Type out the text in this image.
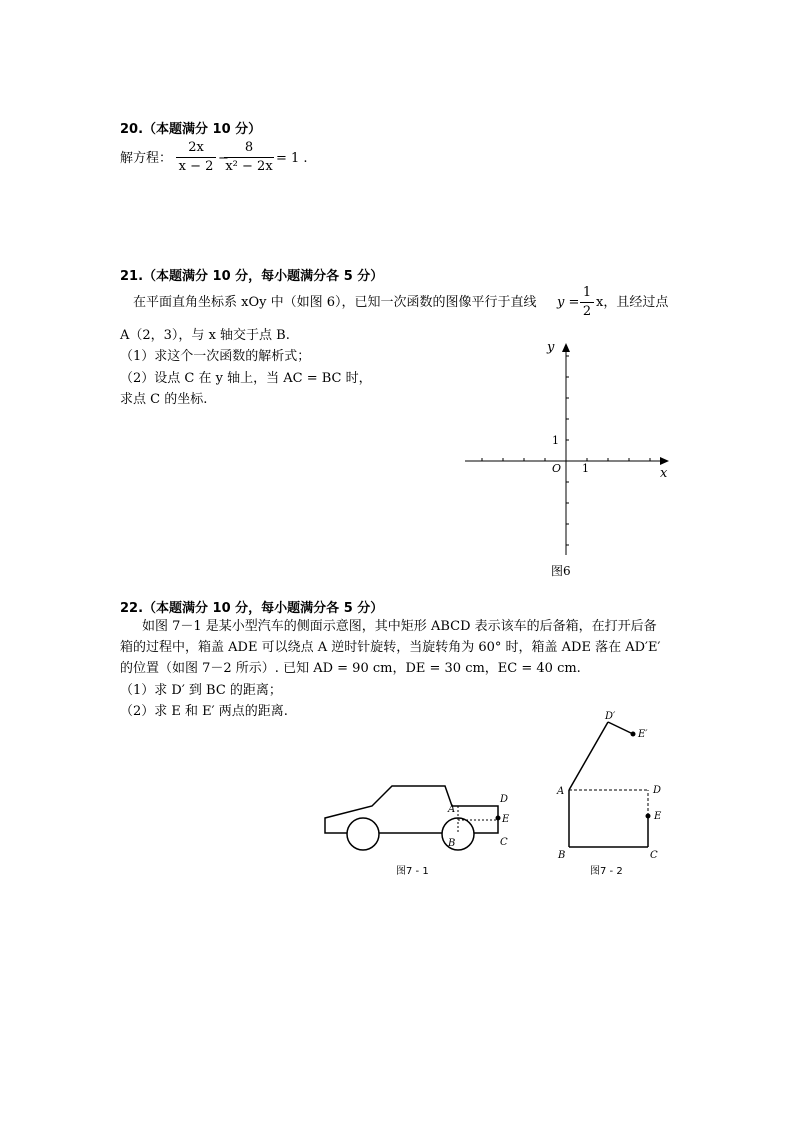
20.（本题满分 10 分）
解方程： $\frac{2x}{x - 2}$ −
$\frac{8}{\text{x² − 2x}} = 1$ .
21.（本题满分 10 分，每小题满分各 5 分）
在平面直角坐标系 xOy 中（如图 6），已知一次函数的图像平行于直线 $y = \frac{1}{2}$ x，且经过点
A（2，3），与 x 轴交于点 B.
（1）求这个一次函数的解析式；
（2）设点 C 在 y 轴上，当 AC = BC 时，
求点 C 的坐标.
y
x
O 1
1
图6
22.（本题满分 10 分，每小题满分各 5 分）
如图 7－1 是某小型汽车的侧面示意图，其中矩形 ABCD 表示该车的后备箱，在打开后备
箱的过程中，箱盖 ADE 可以绕点 A 逆时针旋转，当旋转角为 60° 时，箱盖 ADE 落在 AD′E′
的位置（如图 7－2 所示）. 已知 AD = 90 cm，DE = 30 cm，EC = 40 cm.
（1）求 D′ 到 BC 的距离；
（2）求 E 和 E′ 两点的距离.
A
B
D
E
C
图7 - 1
A
B	C
D
E
D′
E′
图7 - 2
